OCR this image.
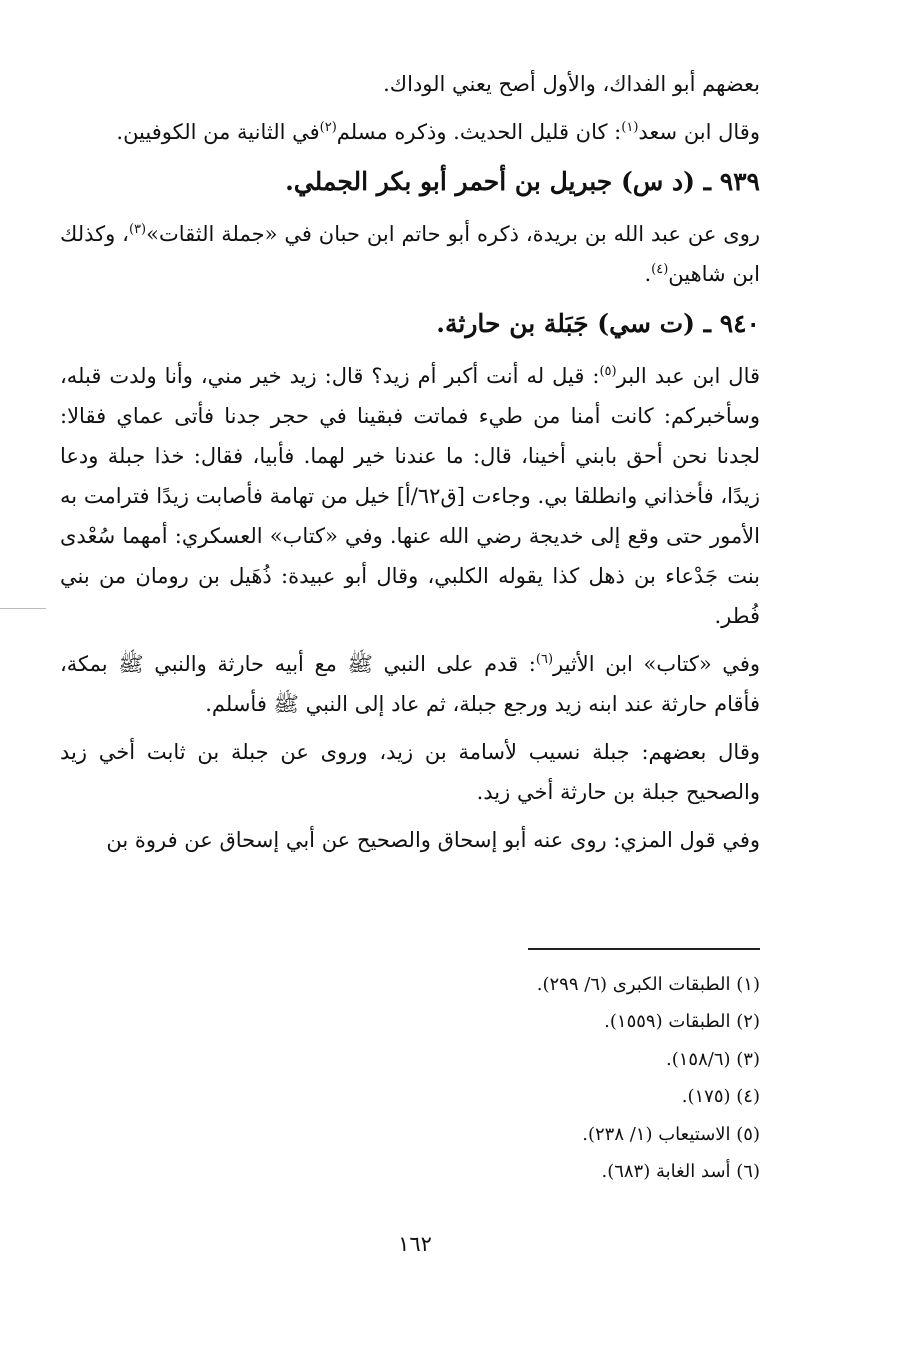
بعضهم أبو الفداك، والأول أصح يعني الوداك.

وقال ابن سعد$^{(١)}$: كان قليل الحديث. وذكره مسلم$^{(٢)}$في الثانية من الكوفيين.

٩٣٩ ـ (د س) جبريل بن أحمر أبو بكر الجملي.

روى عن عبد الله بن بريدة، ذكره أبو حاتم ابن حبان في «جملة الثقات»$^{(٣)}$، وكذلك ابن شاهين$^{(٤)}$.

٩٤٠ ـ (ت سي) جَبَلة بن حارثة.

قال ابن عبد البر$^{(٥)}$: قيل له أنت أكبر أم زيد؟ قال: زيد خير مني، وأنا ولدت قبله، وسأخبركم: كانت أمنا من طيء فماتت فبقينا في حجر جدنا فأتى عماي فقالا: لجدنا نحن أحق بابني أخينا، قال: ما عندنا خير لهما. فأبيا، فقال: خذا جبلة ودعا زيدًا، فأخذاني وانطلقا بي. وجاءت [ق٦٢/أ] خيل من تهامة فأصابت زيدًا فترامت به الأمور حتى وقع إلى خديجة رضي الله عنها. وفي «كتاب» العسكري: أمهما سُعْدى بنت جَدْعاء بن ذهل كذا يقوله الكلبي، وقال أبو عبيدة: ذُهَيل بن رومان من بني فُطر.

وفي «كتاب» ابن الأثير$^{(٦)}$: قدم على النبي ﷺ مع أبيه حارثة والنبي ﷺ بمكة، فأقام حارثة عند ابنه زيد ورجع جبلة، ثم عاد إلى النبي ﷺ فأسلم.

وقال بعضهم: جبلة نسيب لأسامة بن زيد، وروى عن جبلة بن ثابت أخي زيد والصحيح جبلة بن حارثة أخي زيد.

وفي قول المزي: روى عنه أبو إسحاق والصحيح عن أبي إسحاق عن فروة بن

(١) الطبقات الكبرى (٦/ ٢٩٩).
(٢) الطبقات (١٥٥٩).
(٣) (١٥٨/٦).
(٤) (١٧٥).
(٥) الاستيعاب (١/ ٢٣٨).
(٦) أسد الغابة (٦٨٣).
١٦٢
